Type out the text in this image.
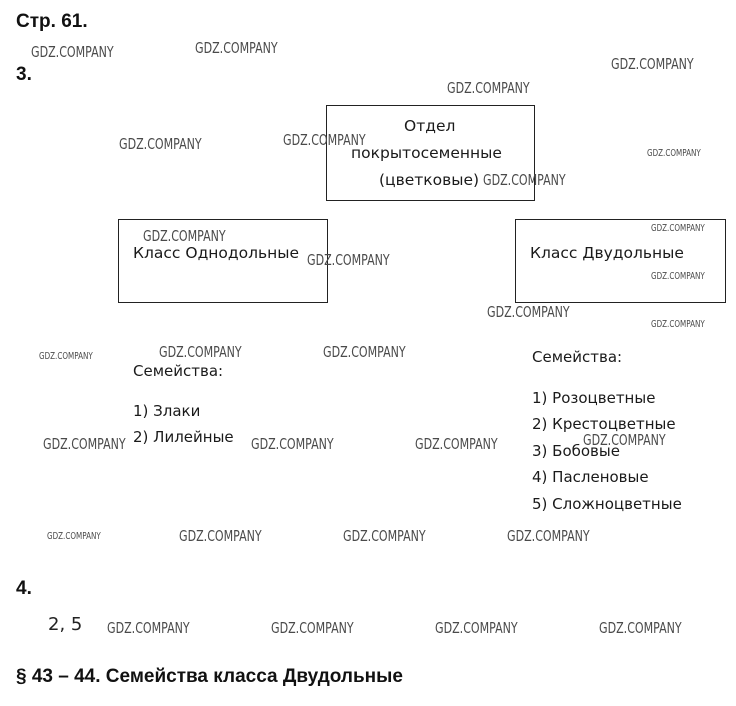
Стр. 61.
3.
Отдел
покрытосеменные
(цветковые)
Класс Однодольные	Класс Двудольные
Семейства:
1) Злаки
2) Лилейные
Семейства:
1) Розоцветные
2) Крестоцветные
3) Бобовые
4) Пасленовые
5) Сложноцветные
4.
2, 5
§ 43 – 44. Семейства класса Двудольные
GDZ.COMPANY	GDZ.COMPANY
GDZ.COMPANY
GDZ.COMPANY
GDZ.COMPANY	GDZ.COMPANY
GDZ.COMPANY
GDZ.COMPANY
GDZ.COMPANY	GDZ.COMPANY
GDZ.COMPANY
GDZ.COMPANY
GDZ.COMPANY
GDZ.COMPANY
GDZ.COMPANY	GDZ.COMPANY	GDZ.COMPANY
GDZ.COMPANY	GDZ.COMPANY	GDZ.COMPANY	GDZ.COMPANY
GDZ.COMPANY	GDZ.COMPANY	GDZ.COMPANY	GDZ.COMPANY
GDZ.COMPANY	GDZ.COMPANY	GDZ.COMPANY	GDZ.COMPANY
